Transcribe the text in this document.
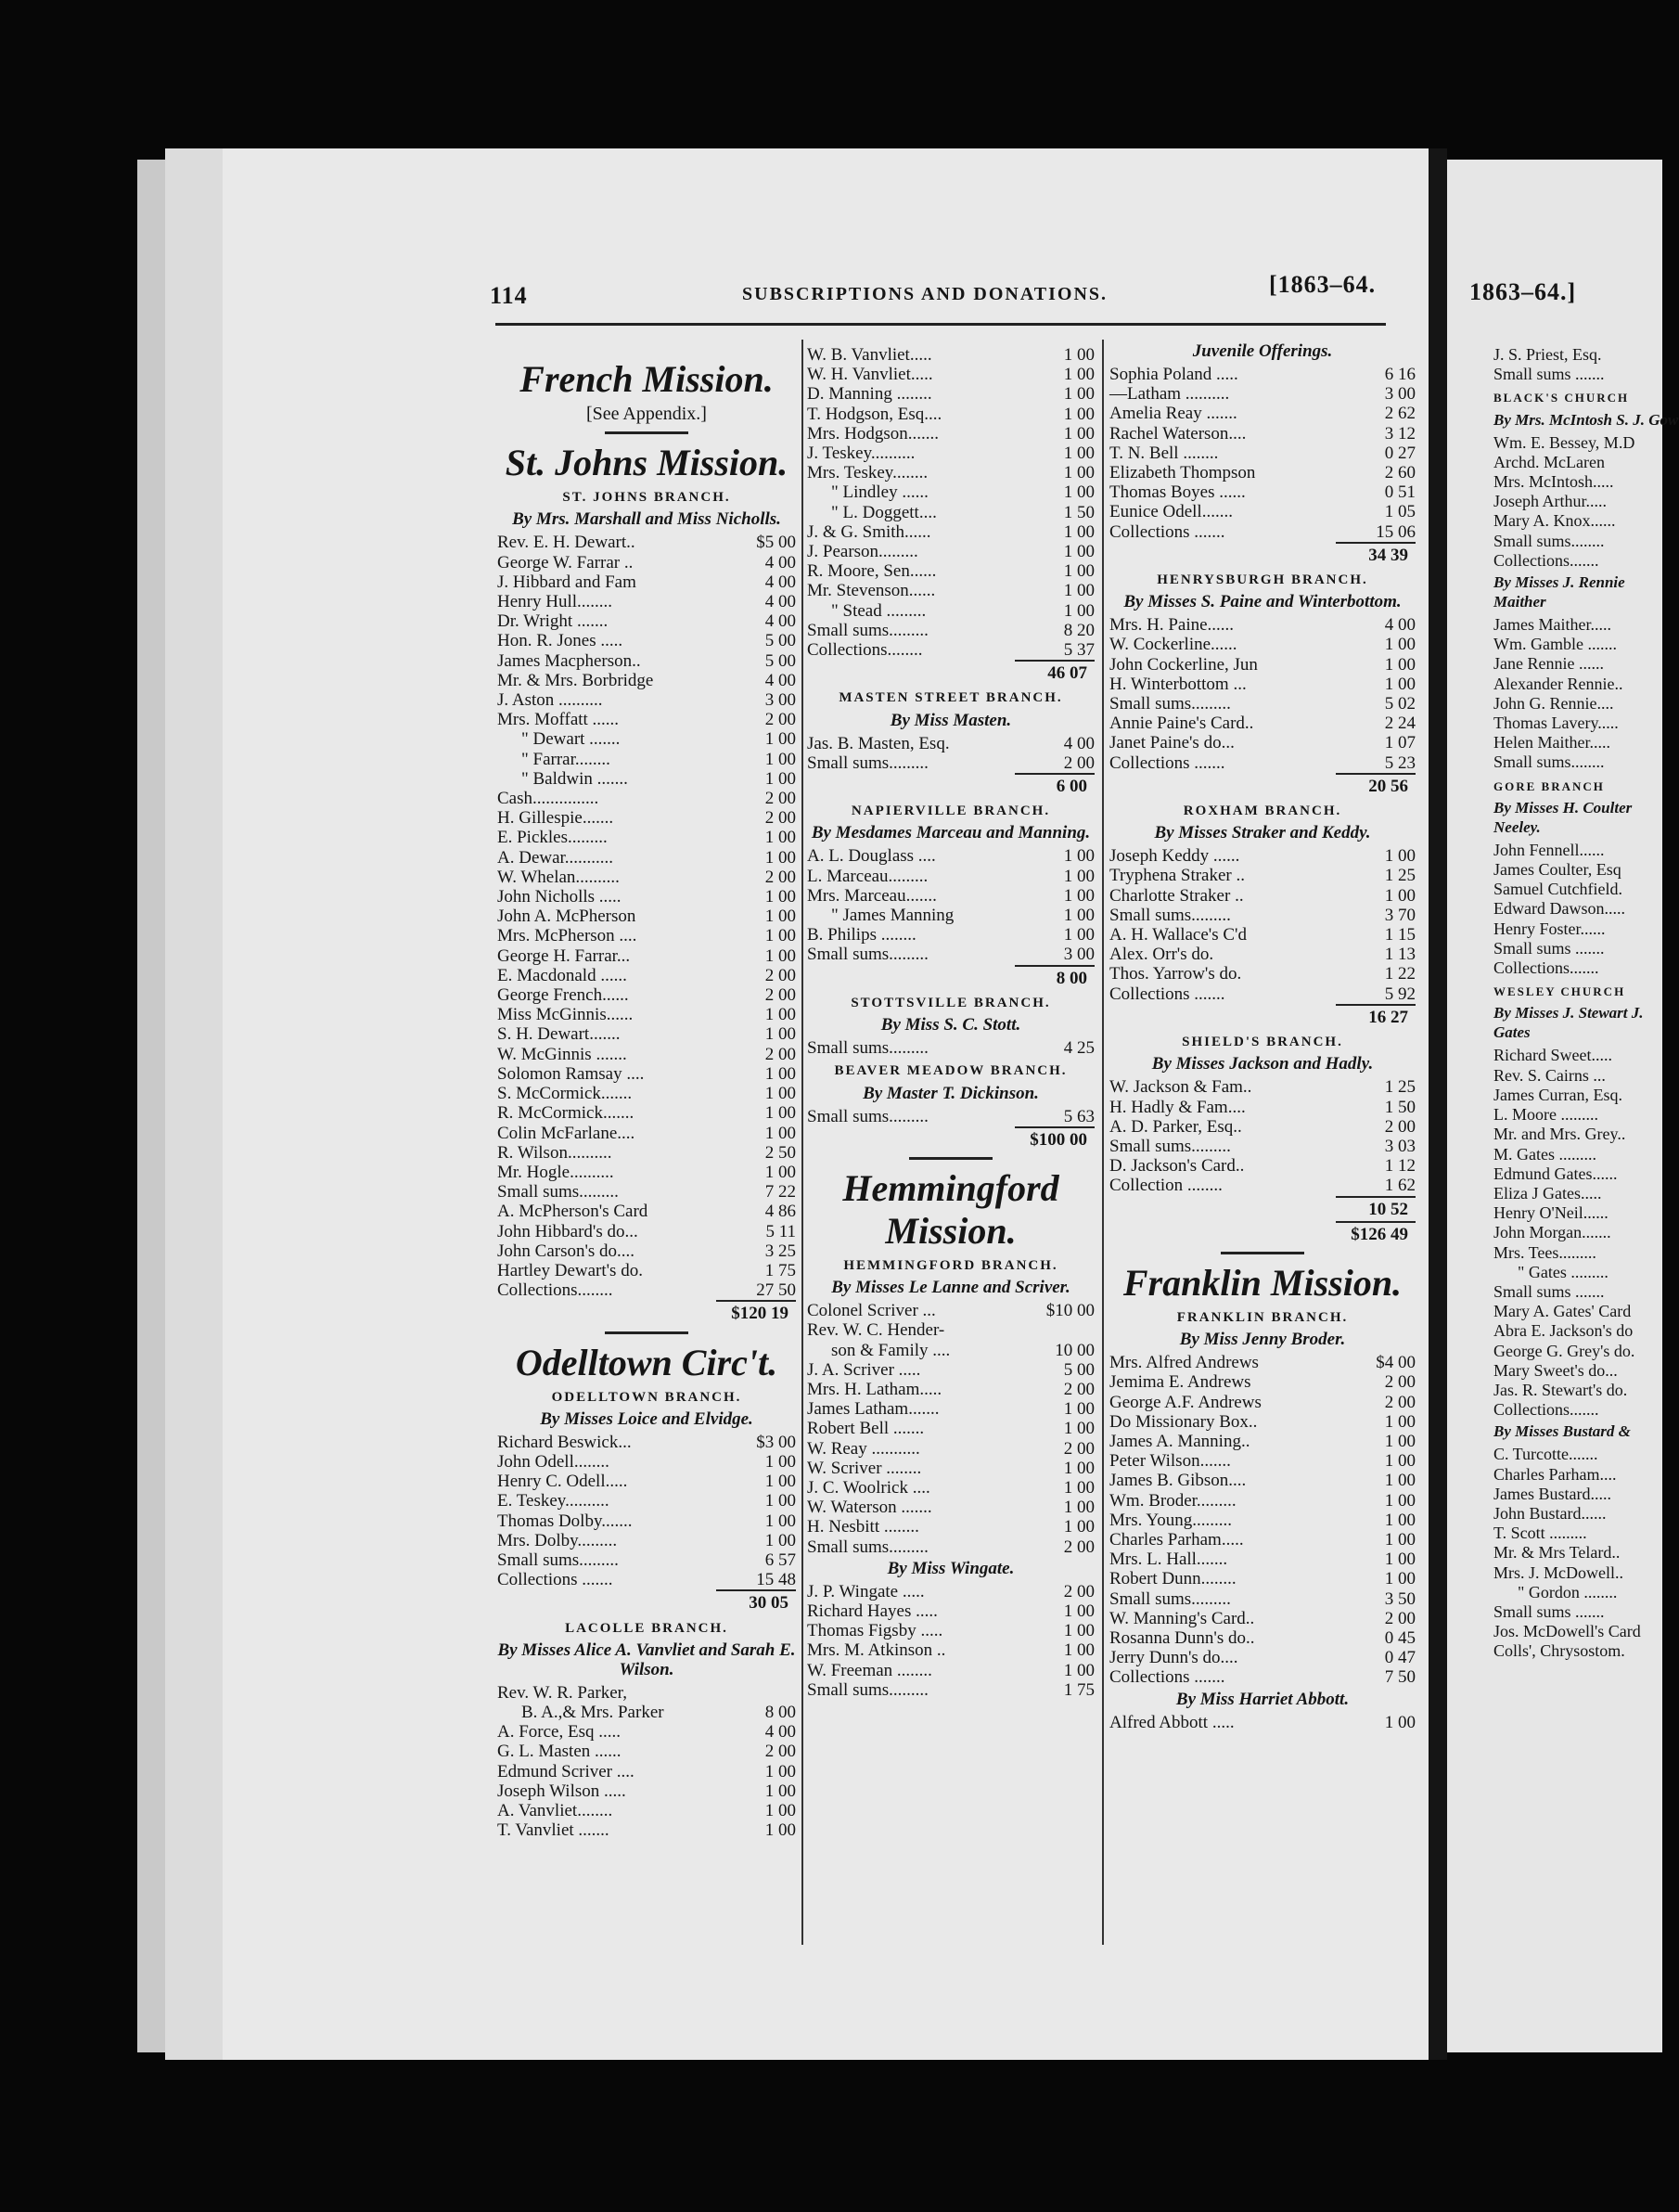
114	SUBSCRIPTIONS AND DONATIONS.	[1863–64.	1863–64.]
French Mission.
[See Appendix.]
St. Johns Mission.
ST. JOHNS BRANCH.
By Mrs. Marshall and Miss Nicholls.
Rev. E. H. Dewart..	$5 00
George W. Farrar ..	4 00
J. Hibbard and Fam	4 00
Henry Hull........	4 00
Dr. Wright .......	4 00
Hon. R. Jones .....	5 00
James Macpherson..	5 00
Mr. & Mrs. Borbridge	4 00
J. Aston ..........	3 00
Mrs. Moffatt ......	2 00
" Dewart .......	1 00
" Farrar........	1 00
" Baldwin .......	1 00
Cash...............	2 00
H. Gillespie.......	2 00
E. Pickles.........	1 00
A. Dewar...........	1 00
W. Whelan..........	2 00
John Nicholls .....	1 00
John A. McPherson	1 00
Mrs. McPherson ....	1 00
George H. Farrar...	1 00
E. Macdonald ......	2 00
George French......	2 00
Miss McGinnis......	1 00
S. H. Dewart.......	1 00
W. McGinnis .......	2 00
Solomon Ramsay ....	1 00
S. McCormick.......	1 00
R. McCormick.......	1 00
Colin McFarlane....	1 00
R. Wilson..........	2 50
Mr. Hogle..........	1 00
Small sums.........	7 22
A. McPherson's Card	4 86
John Hibbard's do...	5 11
John Carson's do....	3 25
Hartley Dewart's do.	1 75
Collections........	27 50
$120 19
Odelltown Circ't.
ODELLTOWN BRANCH.
By Misses Loice and Elvidge.
Richard Beswick...	$3 00
John Odell........	1 00
Henry C. Odell.....	1 00
E. Teskey..........	1 00
Thomas Dolby.......	1 00
Mrs. Dolby.........	1 00
Small sums.........	6 57
Collections .......	15 48
30 05
LACOLLE BRANCH.
By Misses Alice A. Vanvliet and Sarah E. Wilson.
Rev. W. R. Parker,
B. A.,& Mrs. Parker	8 00
A. Force, Esq .....	4 00
G. L. Masten ......	2 00
Edmund Scriver ....	1 00
Joseph Wilson .....	1 00
A. Vanvliet........	1 00
T. Vanvliet .......	1 00
W. B. Vanvliet.....	1 00
W. H. Vanvliet.....	1 00
D. Manning ........	1 00
T. Hodgson, Esq....	1 00
Mrs. Hodgson.......	1 00
J. Teskey..........	1 00
Mrs. Teskey........	1 00
" Lindley ......	1 00
" L. Doggett....	1 50
J. & G. Smith......	1 00
J. Pearson.........	1 00
R. Moore, Sen......	1 00
Mr. Stevenson......	1 00
" Stead .........	1 00
Small sums.........	8 20
Collections........	5 37
46 07
MASTEN STREET BRANCH.
By Miss Masten.
Jas. B. Masten, Esq.	4 00
Small sums.........	2 00
6 00
NAPIERVILLE BRANCH.
By Mesdames Marceau and Manning.
A. L. Douglass ....	1 00
L. Marceau.........	1 00
Mrs. Marceau.......	1 00
" James Manning	1 00
B. Philips ........	1 00
Small sums.........	3 00
8 00
STOTTSVILLE BRANCH.
By Miss S. C. Stott.
Small sums.........	4 25
BEAVER MEADOW BRANCH.
By Master T. Dickinson.
Small sums.........	5 63
$100 00
Hemmingford Mission.
HEMMINGFORD BRANCH.
By Misses Le Lanne and Scriver.
Colonel Scriver ...	$10 00
Rev. W. C. Hender-
son & Family ....	10 00
J. A. Scriver .....	5 00
Mrs. H. Latham.....	2 00
James Latham.......	1 00
Robert Bell .......	1 00
W. Reay ...........	2 00
W. Scriver ........	1 00
J. C. Woolrick ....	1 00
W. Waterson .......	1 00
H. Nesbitt ........	1 00
Small sums.........	2 00
By Miss Wingate.
J. P. Wingate .....	2 00
Richard Hayes .....	1 00
Thomas Figsby .....	1 00
Mrs. M. Atkinson ..	1 00
W. Freeman ........	1 00
Small sums.........	1 75
Juvenile Offerings.
Sophia Poland .....	6 16
—Latham ..........	3 00
Amelia Reay .......	2 62
Rachel Waterson....	3 12
T. N. Bell ........	0 27
Elizabeth Thompson	2 60
Thomas Boyes ......	0 51
Eunice Odell.......	1 05
Collections .......	15 06
34 39
HENRYSBURGH BRANCH.
By Misses S. Paine and Winterbottom.
Mrs. H. Paine......	4 00
W. Cockerline......	1 00
John Cockerline, Jun	1 00
H. Winterbottom ...	1 00
Small sums.........	5 02
Annie Paine's Card..	2 24
Janet Paine's do...	1 07
Collections .......	5 23
20 56
ROXHAM BRANCH.
By Misses Straker and Keddy.
Joseph Keddy ......	1 00
Tryphena Straker ..	1 25
Charlotte Straker ..	1 00
Small sums.........	3 70
A. H. Wallace's C'd	1 15
Alex. Orr's do.	1 13
Thos. Yarrow's do.	1 22
Collections .......	5 92
16 27
SHIELD'S BRANCH.
By Misses Jackson and Hadly.
W. Jackson & Fam..	1 25
H. Hadly & Fam....	1 50
A. D. Parker, Esq..	2 00
Small sums.........	3 03
D. Jackson's Card..	1 12
Collection ........	1 62
10 52
$126 49
Franklin Mission.
FRANKLIN BRANCH.
By Miss Jenny Broder.
Mrs. Alfred Andrews	$4 00
Jemima E. Andrews	2 00
George A.F. Andrews	2 00
Do Missionary Box..	1 00
James A. Manning..	1 00
Peter Wilson.......	1 00
James B. Gibson....	1 00
Wm. Broder.........	1 00
Mrs. Young.........	1 00
Charles Parham.....	1 00
Mrs. L. Hall.......	1 00
Robert Dunn........	1 00
Small sums.........	3 50
W. Manning's Card..	2 00
Rosanna Dunn's do..	0 45
Jerry Dunn's do....	0 47
Collections .......	7 50
By Miss Harriet Abbott.
Alfred Abbott .....	1 00
J. S. Priest, Esq.
Small sums .......
BLACK'S CHURCH
By Mrs. McIntosh S. J. Gow
Wm. E. Bessey, M.D
Archd. McLaren
Mrs. McIntosh.....
Joseph Arthur.....
Mary A. Knox......
Small sums........
Collections.......
By Misses J. Rennie Maither
James Maither.....
Wm. Gamble .......
Jane Rennie ......
Alexander Rennie..
John G. Rennie....
Thomas Lavery.....
Helen Maither.....
Small sums........
GORE BRANCH
By Misses H. Coulter Neeley.
John Fennell......
James Coulter, Esq
Samuel Cutchfield.
Edward Dawson.....
Henry Foster......
Small sums .......
Collections.......
WESLEY CHURCH
By Misses J. Stewart J. Gates
Richard Sweet.....
Rev. S. Cairns ...
James Curran, Esq.
L. Moore .........
Mr. and Mrs. Grey..
M. Gates .........
Edmund Gates......
Eliza J Gates.....
Henry O'Neil......
John Morgan.......
Mrs. Tees.........
" Gates .........
Small sums .......
Mary A. Gates' Card
Abra E. Jackson's do
George G. Grey's do.
Mary Sweet's do...
Jas. R. Stewart's do.
Collections.......
By Misses Bustard &
C. Turcotte.......
Charles Parham....
James Bustard.....
John Bustard......
T. Scott .........
Mr. & Mrs Telard..
Mrs. J. McDowell..
" Gordon ........
Small sums .......
Jos. McDowell's Card
Colls', Chrysostom.
